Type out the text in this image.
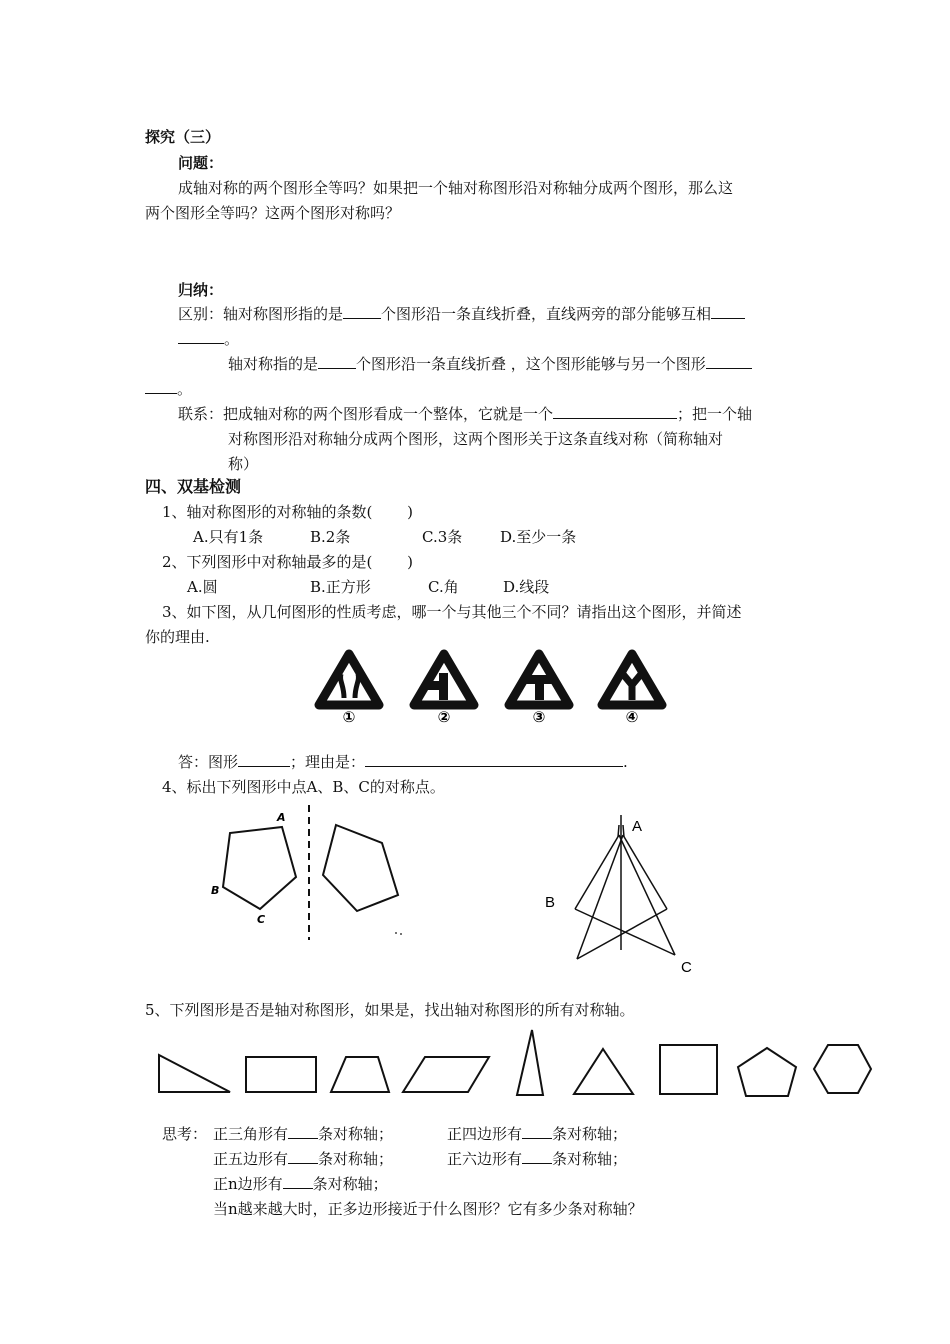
探究（三）
问题：
成轴对称的两个图形全等吗？如果把一个轴对称图形沿对称轴分成两个图形，那么这
两个图形全等吗？这两个图形对称吗？
归纳：
区别：轴对称图形指的是	个图形沿一条直线折叠，直线两旁的部分能够互相
。
轴对称指的是	个图形沿一条直线折叠 ，这个图形能够与另一个图形
。
联系：把成轴对称的两个图形看成一个整体，它就是一个	；把一个轴
对称图形沿对称轴分成两个图形，这两个图形关于这条直线对称（简称轴对
称）
四、双基检测
1、轴对称图形的对称轴的条数(　　 )
A.只有1条	B.2条	C.3条	D.至少一条
2、下列图形中对称轴最多的是(　　 )
A.圆	B.正方形	C.角	D.线段
3、如下图，从几何图形的性质考虑，哪一个与其他三个不同？请指出这个图形，并简述
你的理由.
①	②	③	④
答：图形	；理由是：	.
4、标出下列图形中点A、B、C的对称点。
A
B
C
A
B
C
5、下列图形是否是轴对称图形，如果是，找出轴对称图形的所有对称轴。
思考： 正三角形有 条对称轴；	正四边形有 条对称轴；
正五边形有 条对称轴；	正六边形有 条对称轴；
正n边形有 条对称轴；
当n越来越大时，正多边形接近于什么图形？它有多少条对称轴？
